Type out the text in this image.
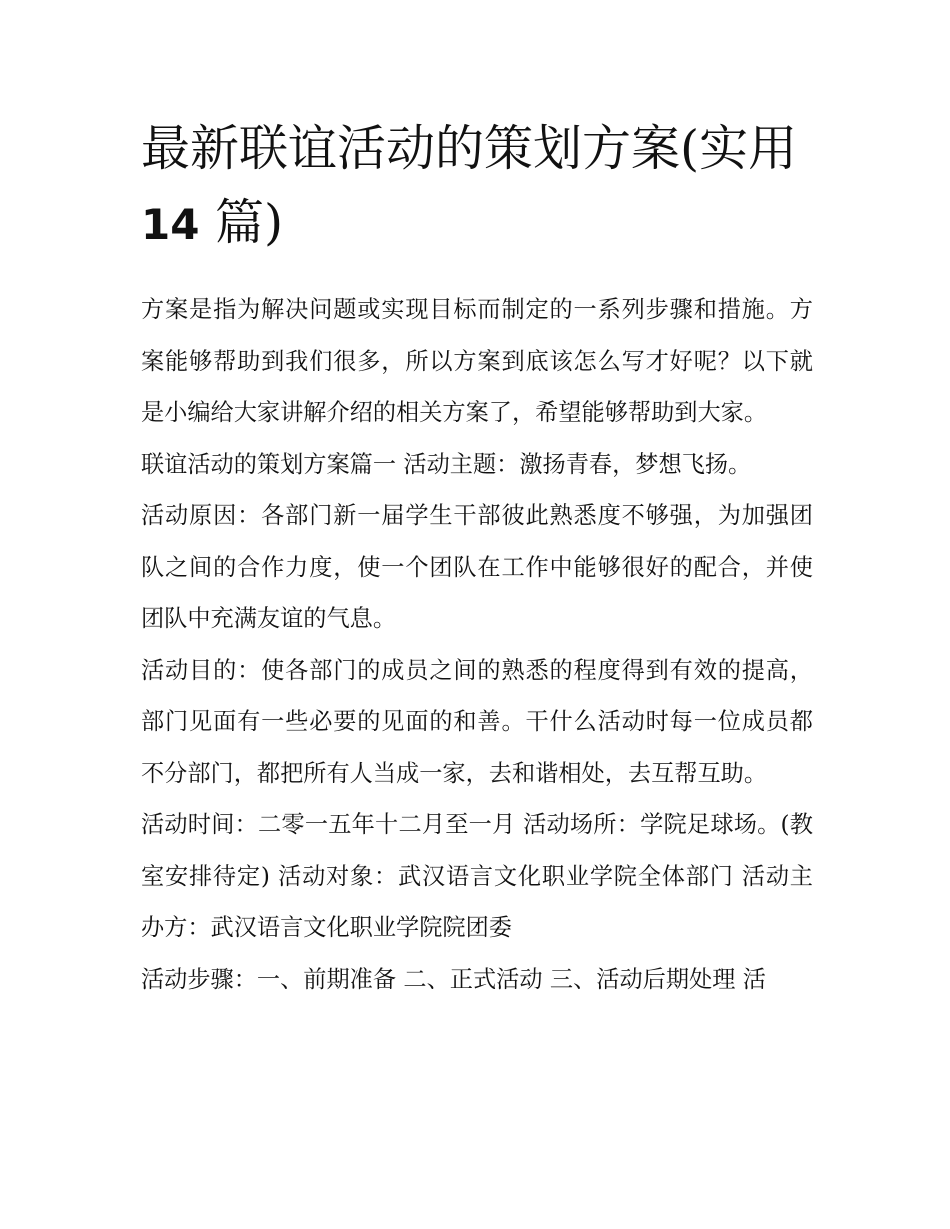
最新联谊活动的策划方案(实用
14 篇)

方案是指为解决问题或实现目标而制定的一系列步骤和措施。方案能够帮助到我们很多，所以方案到底该怎么写才好呢？以下就是小编给大家讲解介绍的相关方案了，希望能够帮助到大家。

联谊活动的策划方案篇一 活动主题：激扬青春，梦想飞扬。

活动原因：各部门新一届学生干部彼此熟悉度不够强，为加强团队之间的合作力度，使一个团队在工作中能够很好的配合，并使团队中充满友谊的气息。

活动目的：使各部门的成员之间的熟悉的程度得到有效的提高，部门见面有一些必要的见面的和善。干什么活动时每一位成员都不分部门，都把所有人当成一家，去和谐相处，去互帮互助。

活动时间：二零一五年十二月至一月 活动场所：学院足球场。(教室安排待定) 活动对象：武汉语言文化职业学院全体部门 活动主办方：武汉语言文化职业学院院团委

活动步骤：一、前期准备 二、正式活动 三、活动后期处理 活
